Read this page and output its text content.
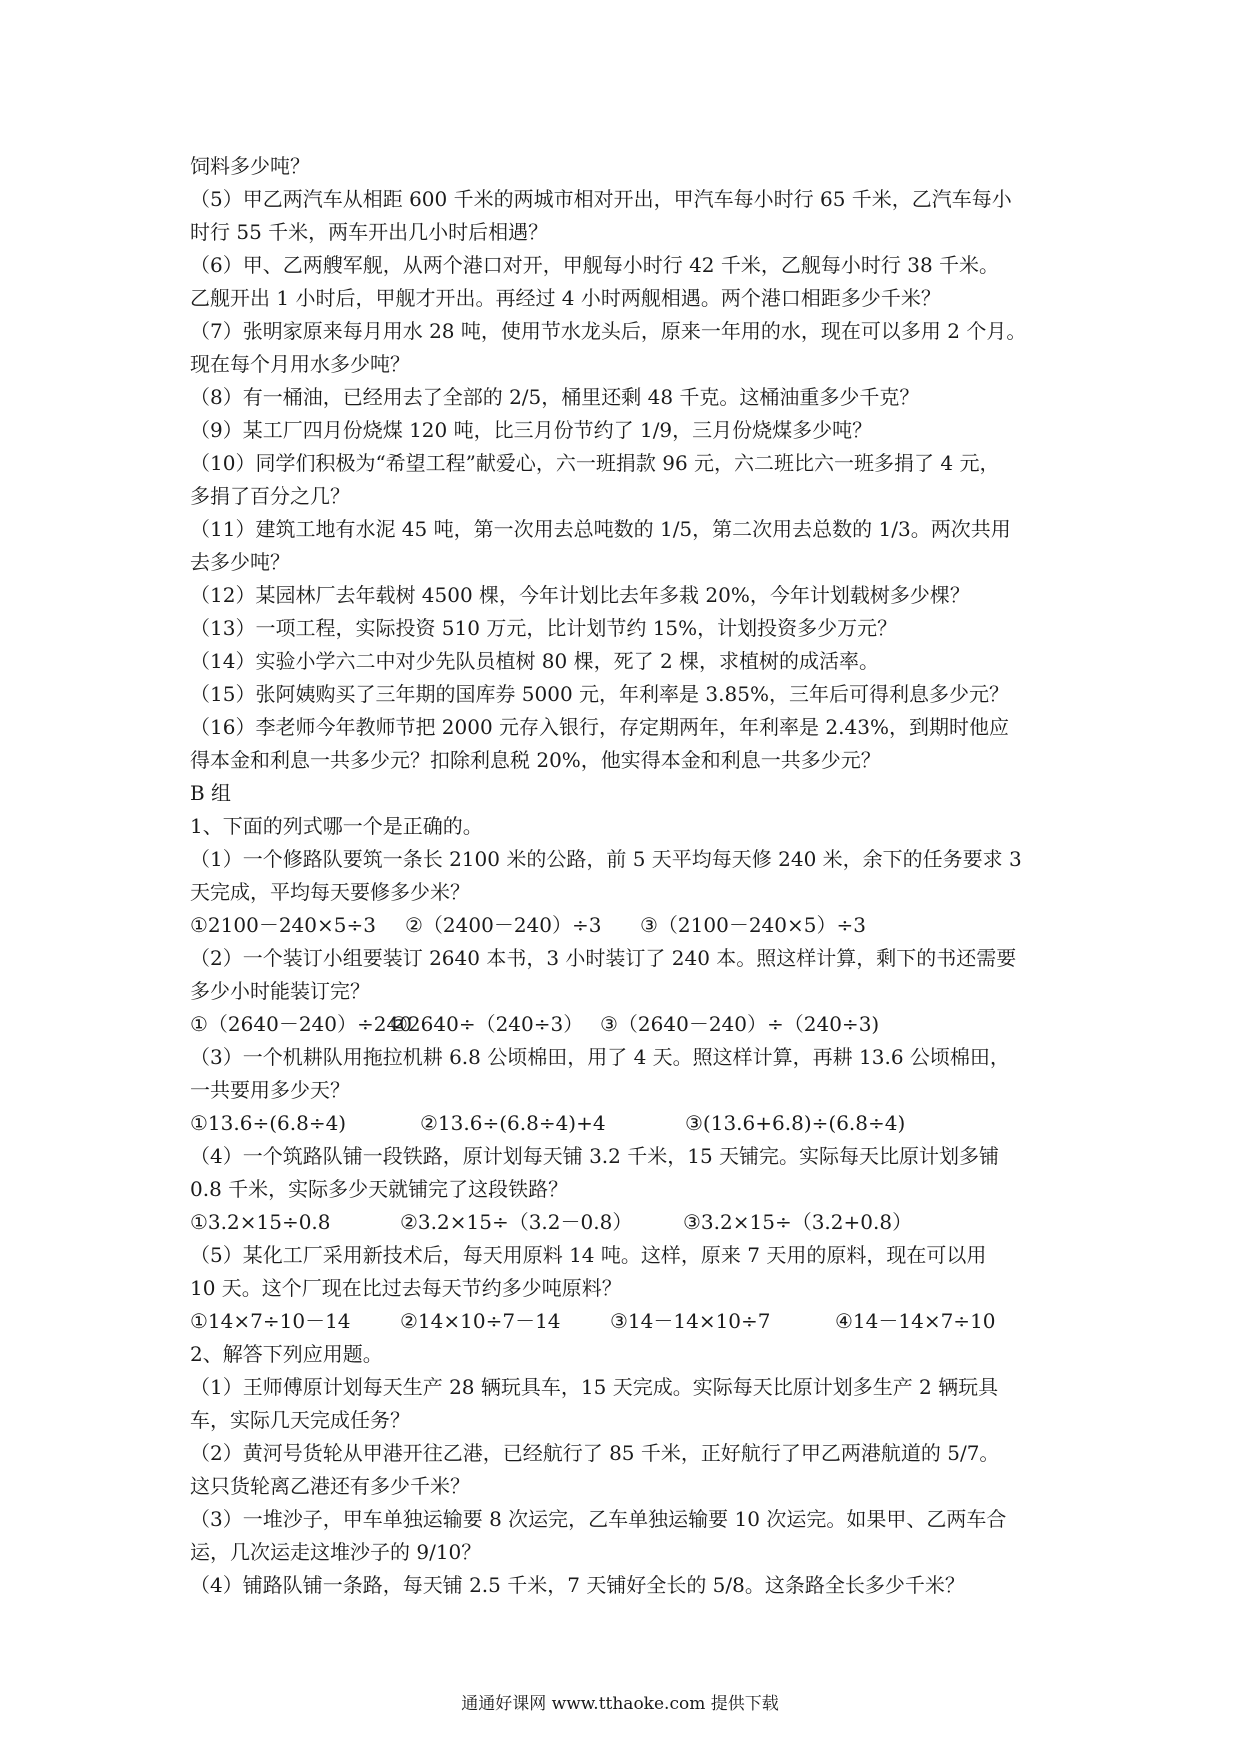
饲料多少吨？
（5）甲乙两汽车从相距 600 千米的两城市相对开出，甲汽车每小时行 65 千米，乙汽车每小
时行 55 千米，两车开出几小时后相遇？
（6）甲、乙两艘军舰，从两个港口对开，甲舰每小时行 42 千米，乙舰每小时行 38 千米。
乙舰开出 1 小时后，甲舰才开出。再经过 4 小时两舰相遇。两个港口相距多少千米？
（7）张明家原来每月用水 28 吨，使用节水龙头后，原来一年用的水，现在可以多用 2 个月。
现在每个月用水多少吨？
（8）有一桶油，已经用去了全部的 2/5，桶里还剩 48 千克。这桶油重多少千克？
（9）某工厂四月份烧煤 120 吨，比三月份节约了 1/9，三月份烧煤多少吨？
（10）同学们积极为“希望工程”献爱心，六一班捐款 96 元，六二班比六一班多捐了 4 元，
多捐了百分之几？
（11）建筑工地有水泥 45 吨，第一次用去总吨数的 1/5，第二次用去总数的 1/3。两次共用
去多少吨？
（12）某园林厂去年载树 4500 棵，今年计划比去年多栽 20%，今年计划载树多少棵？
（13）一项工程，实际投资 510 万元，比计划节约 15%，计划投资多少万元？
（14）实验小学六二中对少先队员植树 80 棵，死了 2 棵，求植树的成活率。
（15）张阿姨购买了三年期的国库券 5000 元，年利率是 3.85%，三年后可得利息多少元？
（16）李老师今年教师节把 2000 元存入银行，存定期两年，年利率是 2.43%，到期时他应
得本金和利息一共多少元？扣除利息税 20%，他实得本金和利息一共多少元？
B 组
1、下面的列式哪一个是正确的。
（1）一个修路队要筑一条长 2100 米的公路，前 5 天平均每天修 240 米，余下的任务要求 3
天完成，平均每天要修多少米？
①2100－240×5÷3	②（2400－240）÷3	③（2100－240×5）÷3
（2）一个装订小组要装订 2640 本书，3 小时装订了 240 本。照这样计算，剩下的书还需要
多少小时能装订完？
①（2640－240）÷240
②2640÷（240÷3） ③（2640－240）÷（240÷3)
（3）一个机耕队用拖拉机耕 6.8 公顷棉田，用了 4 天。照这样计算，再耕 13.6 公顷棉田，
一共要用多少天？
①13.6÷(6.8÷4)	②13.6÷(6.8÷4)+4	③(13.6+6.8)÷(6.8÷4)
（4）一个筑路队铺一段铁路，原计划每天铺 3.2 千米，15 天铺完。实际每天比原计划多铺
0.8 千米，实际多少天就铺完了这段铁路？
①3.2×15÷0.8	②3.2×15÷（3.2－0.8）	③3.2×15÷（3.2+0.8）
（5）某化工厂采用新技术后，每天用原料 14 吨。这样，原来 7 天用的原料，现在可以用
10 天。这个厂现在比过去每天节约多少吨原料？
①14×7÷10－14	②14×10÷7－14	③14－14×10÷7	④14－14×7÷10
2、解答下列应用题。
（1）王师傅原计划每天生产 28 辆玩具车，15 天完成。实际每天比原计划多生产 2 辆玩具
车，实际几天完成任务？
（2）黄河号货轮从甲港开往乙港，已经航行了 85 千米，正好航行了甲乙两港航道的 5/7。
这只货轮离乙港还有多少千米？
（3）一堆沙子，甲车单独运输要 8 次运完，乙车单独运输要 10 次运完。如果甲、乙两车合
运，几次运走这堆沙子的 9/10？
（4）铺路队铺一条路，每天铺 2.5 千米，7 天铺好全长的 5/8。这条路全长多少千米？
通通好课网 www.tthaoke.com 提供下载
